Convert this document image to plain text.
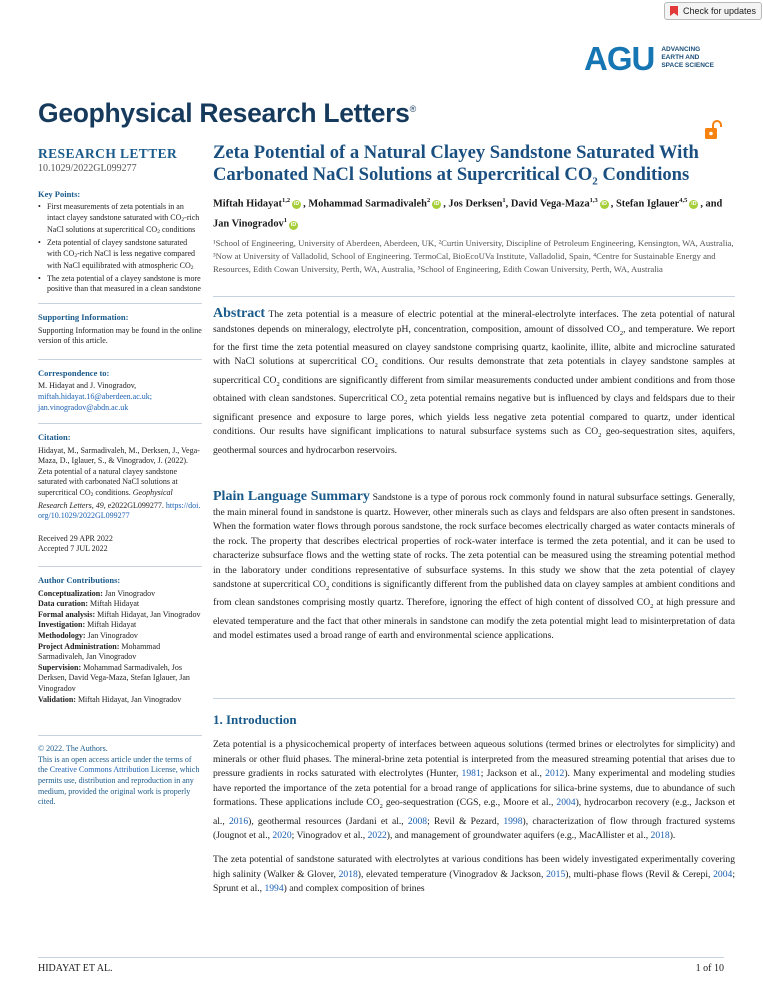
Check for updates
AGU ADVANCING
EARTH AND
SPACE SCIENCE
Geophysical Research Letters®
RESEARCH LETTER
10.1029/2022GL099277
Key Points:
• First measurements of zeta potentials in an intact clayey sandstone saturated with CO2-rich NaCl solutions at supercritical CO2 conditions
• Zeta potential of clayey sandstone saturated with CO2-rich NaCl is less negative compared with NaCl equilibrated with atmospheric CO2
• The zeta potential of a clayey sandstone is more positive than that measured in a clean sandstone
Supporting Information:
Supporting Information may be found in the online version of this article.
Correspondence to:
M. Hidayat and J. Vinogradov,
miftah.hidayat.16@aberdeen.ac.uk;
jan.vinogradov@abdn.ac.uk
Citation:
Hidayat, M., Sarmadivaleh, M., Derksen, J., Vega-Maza, D., Iglauer, S., & Vinogradov, J. (2022). Zeta potential of a natural clayey sandstone saturated with carbonated NaCl solutions at supercritical CO2 conditions. Geophysical Research Letters, 49, e2022GL099277. https://doi.org/10.1029/2022GL099277
Received 29 APR 2022
Accepted 7 JUL 2022
Author Contributions:

Conceptualization: Jan Vinogradov

Data curation: Miftah Hidayat

Formal analysis: Miftah Hidayat, Jan Vinogradov

Investigation: Miftah Hidayat

Methodology: Jan Vinogradov

Project Administration: Mohammad Sarmadivaleh, Jan Vinogradov

Supervision: Mohammad Sarmadivaleh, Jos Derksen, David Vega-Maza, Stefan Iglauer, Jan Vinogradov

Validation: Miftah Hidayat, Jan Vinogradov

© 2022. The Authors.
This is an open access article under the terms of the Creative Commons Attribution License, which permits use, distribution and reproduction in any medium, provided the original work is properly cited.
Zeta Potential of a Natural Clayey Sandstone Saturated With
Carbonated NaCl Solutions at Supercritical $CO_2$ Conditions
Miftah Hidayat$^{1,2}$iD , Mohammad Sarmadivaleh$^2$iD , Jos Derksen$^1$, David Vega-Maza$^{1,3}$iD , Stefan Iglauer$^{4,5}$iD , and Jan Vinogradov$^1$iD
¹School of Engineering, University of Aberdeen, Aberdeen, UK, ²Curtin University, Discipline of Petroleum Engineering, Kensington, WA, Australia, ³Now at University of Valladolid, School of Engineering. TermoCal, BioEcoUVa Institute, Valladolid, Spain, ⁴Centre for Sustainable Energy and Resources, Edith Cowan University, Perth, WA, Australia, ⁵School of Engineering, Edith Cowan University, Perth, WA, Australia
Abstract The zeta potential is a measure of electric potential at the mineral-electrolyte interfaces. The zeta potential of natural sandstones depends on mineralogy, electrolyte pH, concentration, composition, amount of dissolved $CO_2$, and temperature. We report for the first time the zeta potential measured on clayey sandstone comprising quartz, kaolinite, illite, albite and microcline saturated with NaCl solutions at supercritical $CO_2$ conditions. Our results demonstrate that zeta potentials in clayey sandstone samples at supercritical $CO_2$ conditions are significantly different from similar measurements conducted under ambient conditions and from those obtained with clean sandstones. Supercritical $CO_2$ zeta potential remains negative but is influenced by clays and feldspars due to their significant presence and exposure to large pores, which yields less negative zeta potential compared to quartz, under identical conditions. Our results have significant implications to natural subsurface systems such as $CO_2$ geo-sequestration sites, aquifers, geothermal sources and hydrocarbon reservoirs.
Plain Language Summary Sandstone is a type of porous rock commonly found in natural subsurface settings. Generally, the main mineral found in sandstone is quartz. However, other minerals such as clays and feldspars are also often present in sandstones. When the formation water flows through porous sandstone, the rock surface becomes electrically charged as water contacts minerals of the rock. The property that describes electrical properties of rock-water interface is termed the zeta potential, and it can be used to characterize subsurface flows and the wetting state of rocks. The zeta potential can be measured using the streaming potential method in the laboratory under conditions representative of subsurface systems. In this study we show that the zeta potential of clayey sandstone at supercritical $CO_2$ conditions is significantly different from the published data on clayey samples at ambient conditions and from clean sandstones comprising mostly quartz. Therefore, ignoring the effect of high content of dissolved $CO_2$ at high pressure and elevated temperature and the fact that other minerals in sandstone can modify the zeta potential might lead to misinterpretation of data and model estimates used a broad range of earth and environmental science applications.
1. Introduction

Zeta potential is a physicochemical property of interfaces between aqueous solutions (termed brines or electrolytes for simplicity) and minerals or other fluid phases. The mineral-brine zeta potential is interpreted from the measured streaming potential that arises due to pressure gradients in rocks saturated with electrolytes (Hunter, 1981; Jackson et al., 2012). Many experimental and modeling studies have reported the importance of the zeta potential for a broad range of applications for silica-brine systems, due to abundance of such formations. These applications include $CO_2$ geo-sequestration (CGS, e.g., Moore et al., 2004), hydrocarbon recovery (e.g., Jackson et al., 2016), geothermal resources (Jardani et al., 2008; Revil & Pezard, 1998), characterization of flow through fractured systems (Jougnot et al., 2020; Vinogradov et al., 2022), and management of groundwater aquifers (e.g., MacAllister et al., 2018).

The zeta potential of sandstone saturated with electrolytes at various conditions has been widely investigated experimentally covering high salinity (Walker & Glover, 2018), elevated temperature (Vinogradov & Jackson, 2015), multi-phase flows (Revil & Cerepi, 2004; Sprunt et al., 1994) and complex composition of brines

HIDAYAT ET AL.	1 of 10
